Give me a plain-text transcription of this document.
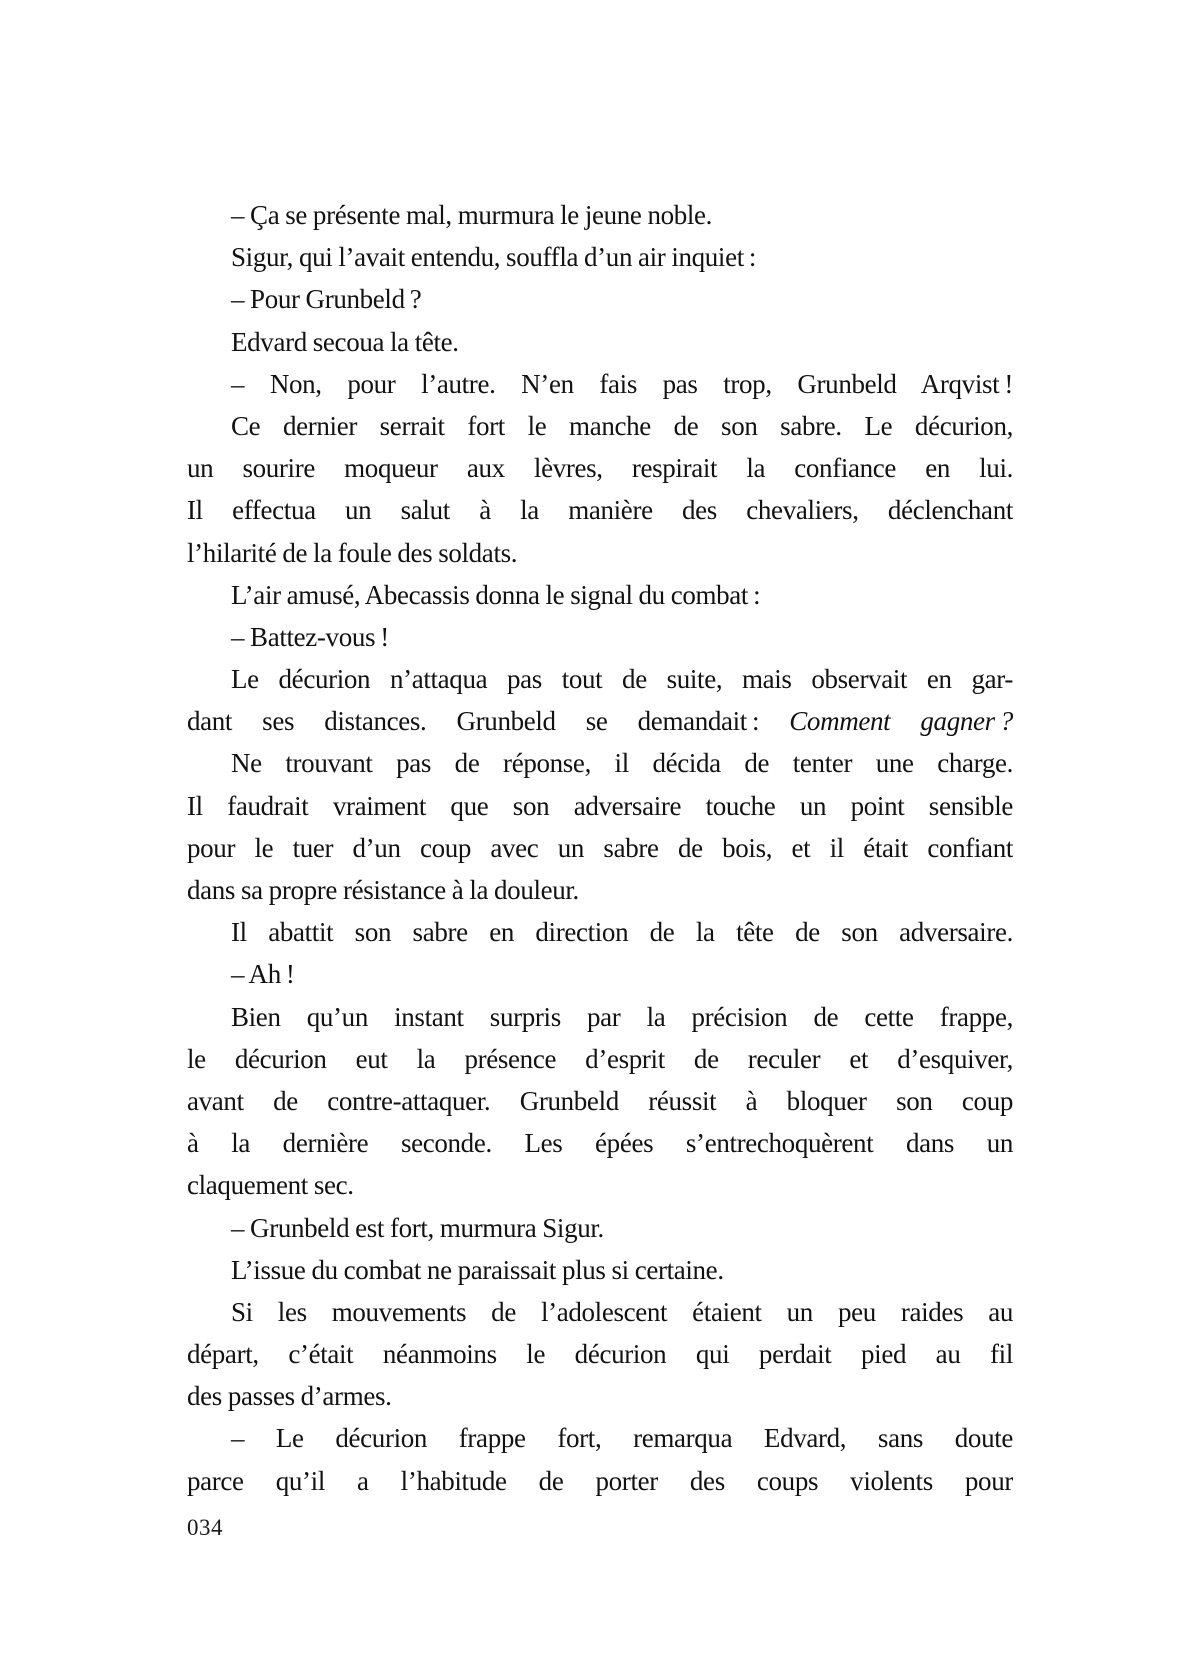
– Ça se présente mal, murmura le jeune noble.
Sigur, qui l’avait entendu, souffla d’un air inquiet :
– Pour Grunbeld ?
Edvard secoua la tête.
– Non, pour l’autre. N’en fais pas trop, Grunbeld Arqvist !
Ce dernier serrait fort le manche de son sabre. Le décurion,
un sourire moqueur aux lèvres, respirait la confiance en lui.
Il effectua un salut à la manière des chevaliers, déclenchant
l’hilarité de la foule des soldats.
L’air amusé, Abecassis donna le signal du combat :
– Battez-vous !
Le décurion n’attaqua pas tout de suite, mais observait en gar-
dant ses distances. Grunbeld se demandait : Comment gagner ?
Ne trouvant pas de réponse, il décida de tenter une charge.
Il faudrait vraiment que son adversaire touche un point sensible
pour le tuer d’un coup avec un sabre de bois, et il était confiant
dans sa propre résistance à la douleur.
Il abattit son sabre en direction de la tête de son adversaire.
– Ah !
Bien qu’un instant surpris par la précision de cette frappe,
le décurion eut la présence d’esprit de reculer et d’esquiver,
avant de contre-attaquer. Grunbeld réussit à bloquer son coup
à la dernière seconde. Les épées s’entrechoquèrent dans un
claquement sec.
– Grunbeld est fort, murmura Sigur.
L’issue du combat ne paraissait plus si certaine.
Si les mouvements de l’adolescent étaient un peu raides au
départ, c’était néanmoins le décurion qui perdait pied au fil
des passes d’armes.
– Le décurion frappe fort, remarqua Edvard, sans doute
parce qu’il a l’habitude de porter des coups violents pour
034
